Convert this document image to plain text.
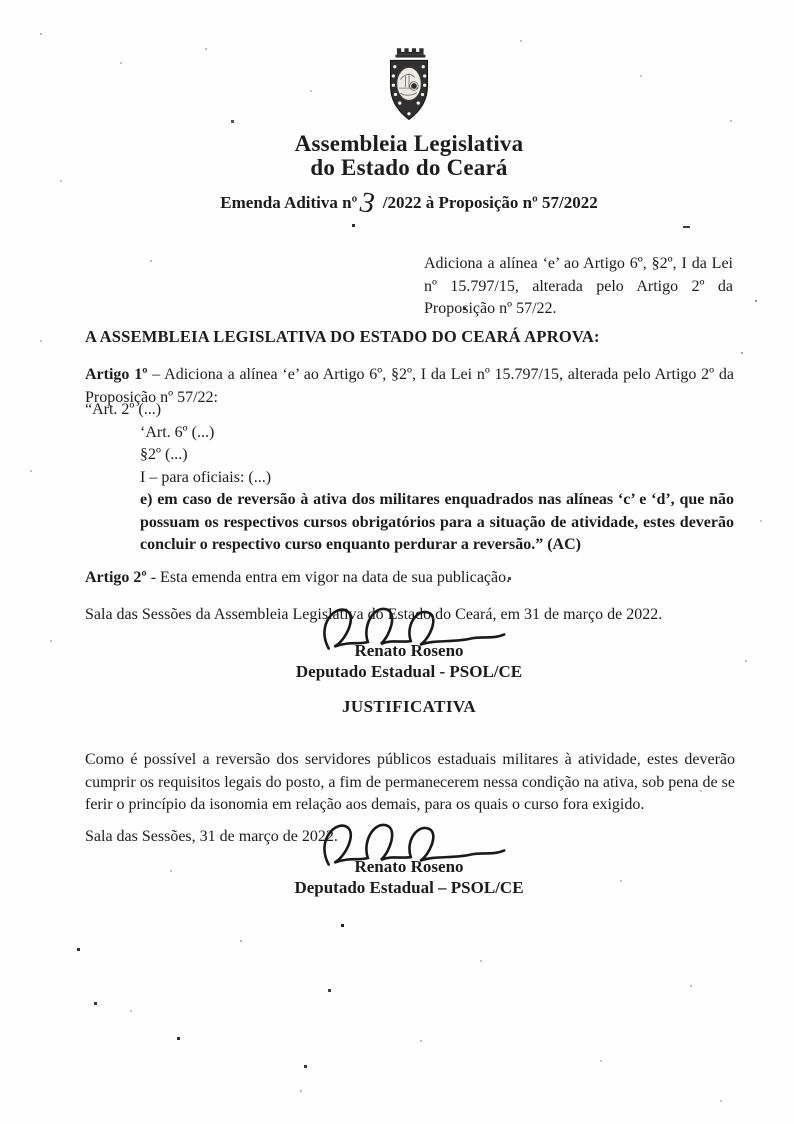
Assembleia Legislativa
do Estado do Ceará
Emenda Aditiva nº3 /2022 à Proposição nº 57/2022

Adiciona a alínea ‘e’ ao Artigo 6º, §2º, I da Lei nº 15.797/15, alterada pelo Artigo 2º da Proposição nº 57/22.

A ASSEMBLEIA LEGISLATIVA DO ESTADO DO CEARÁ APROVA:

Artigo 1º – Adiciona a alínea ‘e’ ao Artigo 6º, §2º, I da Lei nº 15.797/15, alterada pelo Artigo 2º da Proposição nº 57/22:

“Art. 2º (...)
‘Art. 6º (...)
§2º (...)
I – para oficiais: (...)
e) em caso de reversão à ativa dos militares enquadrados nas alíneas ‘c’ e ‘d’, que não possuam os respectivos cursos obrigatórios para a situação de atividade, estes deverão concluir o respectivo curso enquanto perdurar a reversão.” (AC)

Artigo 2º - Esta emenda entra em vigor na data de sua publicação.

Sala das Sessões da Assembleia Legislativa do Estado do Ceará, em 31 de março de 2022.

Renato Roseno
Deputado Estadual - PSOL/CE
JUSTIFICATIVA

Como é possível a reversão dos servidores públicos estaduais militares à atividade, estes deverão cumprir os requisitos legais do posto, a fim de permanecerem nessa condição na ativa, sob pena de se ferir o princípio da isonomia em relação aos demais, para os quais o curso fora exigido.

Sala das Sessões, 31 de março de 2022.

Renato Roseno
Deputado Estadual – PSOL/CE
